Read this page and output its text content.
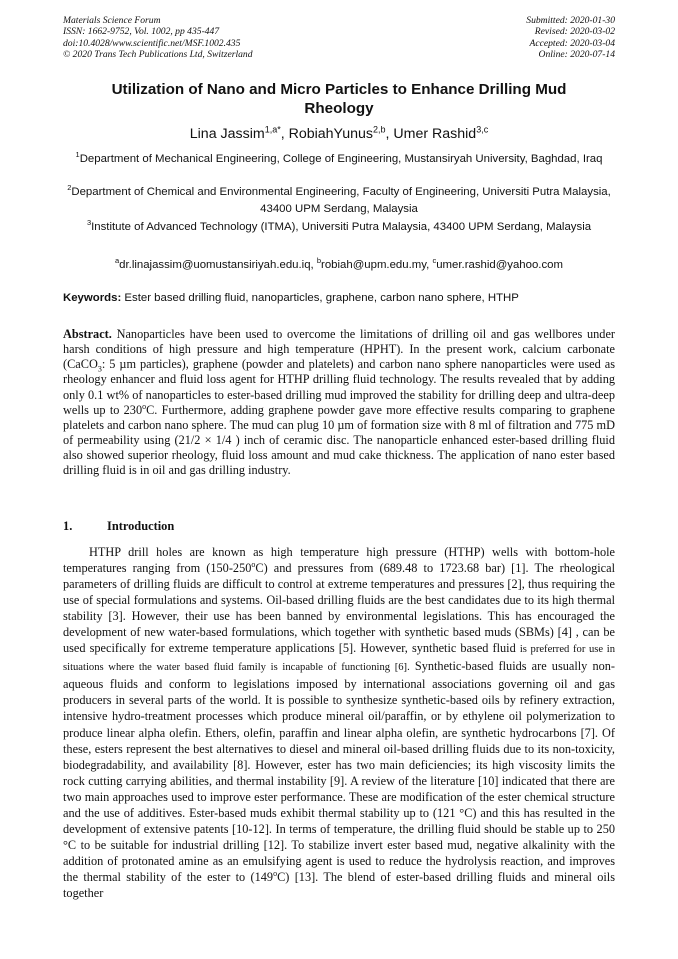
Materials Science Forum
ISSN: 1662-9752, Vol. 1002, pp 435-447
doi:10.4028/www.scientific.net/MSF.1002.435
© 2020 Trans Tech Publications Ltd, Switzerland
Submitted: 2020-01-30
Revised: 2020-03-02
Accepted: 2020-03-04
Online: 2020-07-14
Utilization of Nano and Micro Particles to Enhance Drilling Mud Rheology
Lina Jassim$^{1,a*}$, RobiahYunus$^{2,b}$, Umer Rashid$^{3,c}$
$^1$Department of Mechanical Engineering, College of Engineering, Mustansiryah University, Baghdad, Iraq
$^2$Department of Chemical and Environmental Engineering, Faculty of Engineering, Universiti Putra Malaysia, 43400 UPM Serdang, Malaysia
$^3$Institute of Advanced Technology (ITMA), Universiti Putra Malaysia, 43400 UPM Serdang, Malaysia
$^a$dr.linajassim@uomustansiriyah.edu.iq, $^b$robiah@upm.edu.my, $^c$umer.rashid@yahoo.com
Keywords: Ester based drilling fluid, nanoparticles, graphene, carbon nano sphere, HTHP
Abstract. Nanoparticles have been used to overcome the limitations of drilling oil and gas wellbores under harsh conditions of high pressure and high temperature (HPHT). In the present work, calcium carbonate (CaCO$_3$: 5 µm particles), graphene (powder and platelets) and carbon nano sphere nanoparticles were used as rheology enhancer and fluid loss agent for HTHP drilling fluid technology. The results revealed that by adding only 0.1 wt% of nanoparticles to ester-based drilling mud improved the stability for drilling deep and ultra-deep wells up to 230$^o$C. Furthermore, adding graphene powder gave more effective results comparing to graphene platelets and carbon nano sphere. The mud can plug 10 µm of formation size with 8 ml of filtration and 775 mD of permeability using (21/2 × 1/4 ) inch of ceramic disc. The nanoparticle enhanced ester-based drilling fluid also showed superior rheology, fluid loss amount and mud cake thickness. The application of nano ester based drilling fluid is in oil and gas drilling industry.
1.	Introduction
HTHP drill holes are known as high temperature high pressure (HTHP) wells with bottom-hole temperatures ranging from (150-250$^o$C) and pressures from (689.48 to 1723.68 bar) [1]. The rheological parameters of drilling fluids are difficult to control at extreme temperatures and pressures [2], thus requiring the use of special formulations and systems. Oil-based drilling fluids are the best candidates due to its high thermal stability [3]. However, their use has been banned by environmental legislations. This has encouraged the development of new water-based formulations, which together with synthetic based muds (SBMs) [4] , can be used specifically for extreme temperature applications [5]. However, synthetic based fluid is preferred for use in situations where the water based fluid family is incapable of functioning [6]. Synthetic-based fluids are usually non-aqueous fluids and conform to legislations imposed by international associations governing oil and gas producers in several parts of the world. It is possible to synthesize synthetic-based oils by refinery extraction, intensive hydro-treatment processes which produce mineral oil/paraffin, or by ethylene oil polymerization to produce linear alpha olefin. Ethers, olefin, paraffin and linear alpha olefin, are synthetic hydrocarbons [7]. Of these, esters represent the best alternatives to diesel and mineral oil-based drilling fluids due to its non-toxicity, biodegradability, and availability [8]. However, ester has two main deficiencies; its high viscosity limits the rock cutting carrying abilities, and thermal instability [9]. A review of the literature [10] indicated that there are two main approaches used to improve ester performance. These are modification of the ester chemical structure and the use of additives. Ester-based muds exhibit thermal stability up to (121 °C) and this has resulted in the development of extensive patents [10-12]. In terms of temperature, the drilling fluid should be stable up to 250 °C to be suitable for industrial drilling [12]. To stabilize invert ester based mud, negative alkalinity with the addition of protonated amine as an emulsifying agent is used to reduce the hydrolysis reaction, and improves the thermal stability of the ester to (149$^o$C) [13]. The blend of ester-based drilling fluids and mineral oils together
